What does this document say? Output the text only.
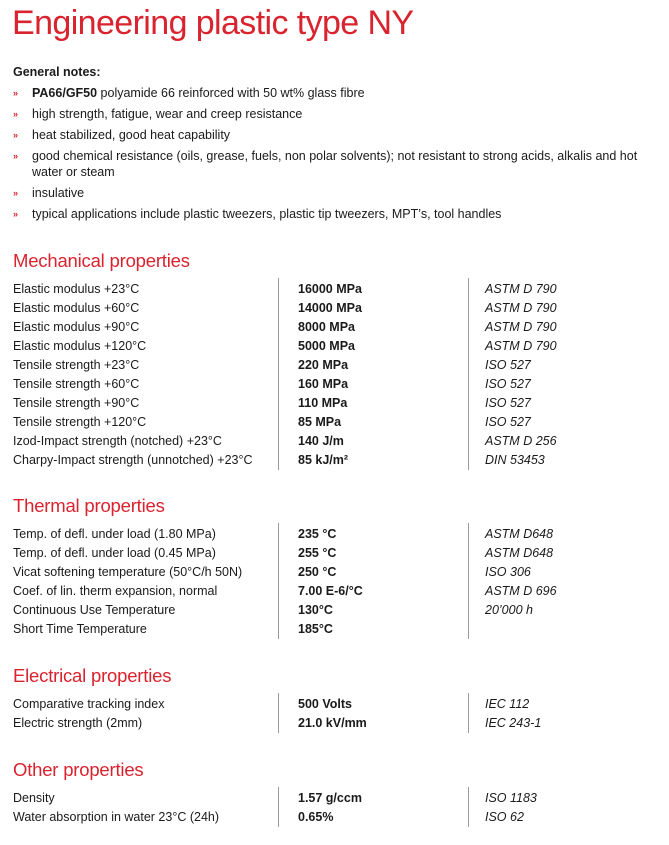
Engineering plastic type NY
General notes:
» PA66/GF50 polyamide 66 reinforced with 50 wt% glass fibre
» high strength, fatigue, wear and creep resistance
» heat stabilized, good heat capability
» good chemical resistance (oils, grease, fuels, non polar solvents); not resistant to strong acids, alkalis and hot water or steam
» insulative
» typical applications include plastic tweezers, plastic tip tweezers, MPT’s, tool handles
Mechanical properties
Elastic modulus +23°C	16000 MPa	ASTM D 790
Elastic modulus +60°C	14000 MPa	ASTM D 790
Elastic modulus +90°C	8000 MPa	ASTM D 790
Elastic modulus +120°C	5000 MPa	ASTM D 790
Tensile strength +23°C	220 MPa	ISO 527
Tensile strength +60°C	160 MPa	ISO 527
Tensile strength +90°C	110 MPa	ISO 527
Tensile strength +120°C	85 MPa	ISO 527
Izod-Impact strength (notched) +23°C	140 J/m	ASTM D 256
Charpy-Impact strength (unnotched) +23°C	85 kJ/m²	DIN 53453
Thermal properties
Temp. of defl. under load (1.80 MPa)	235 °C	ASTM D648
Temp. of defl. under load (0.45 MPa)	255 °C	ASTM D648
Vicat softening temperature (50°C/h 50N)	250 °C	ISO 306
Coef. of lin. therm expansion, normal	7.00 E-6/°C	ASTM D 696
Continuous Use Temperature	130°C	20’000 h
Short Time Temperature	185°C
Electrical properties
Comparative tracking index	500 Volts	IEC 112
Electric strength (2mm)	21.0 kV/mm	IEC 243-1
Other properties
Density	1.57 g/ccm	ISO 1183
Water absorption in water 23°C (24h)	0.65%	ISO 62
